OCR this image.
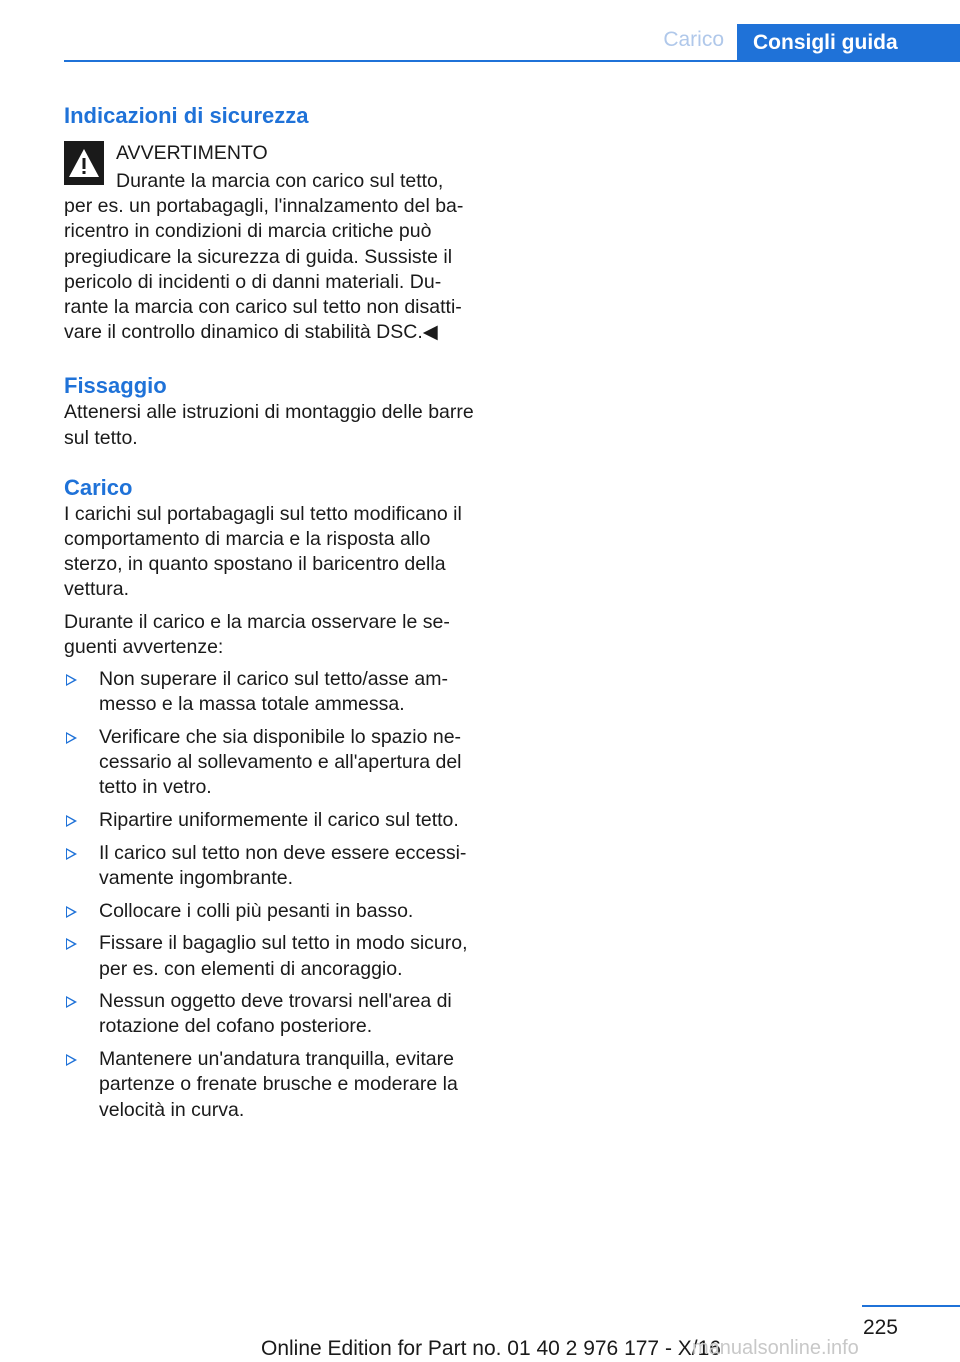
Carico	Consigli guida
Indicazioni di sicurezza

AVVERTIMENTO

Durante la marcia con carico sul tetto,

per es. un portabagagli, l'innalzamento del ba‐ricentro in condizioni di marcia critiche può pregiudicare la sicurezza di guida. Sussiste il pericolo di incidenti o di danni materiali. Du‐rante la marcia con carico sul tetto non disatti‐vare il controllo dinamico di stabilità DSC.◀

Fissaggio

Attenersi alle istruzioni di montaggio delle barre sul tetto.

Carico

I carichi sul portabagagli sul tetto modificano il comportamento di marcia e la risposta allo sterzo, in quanto spostano il baricentro della vettura.

Durante il carico e la marcia osservare le se‐guenti avvertenze:

Non superare il carico sul tetto/asse am‐messo e la massa totale ammessa.
Verificare che sia disponibile lo spazio ne‐cessario al sollevamento e all'apertura del tetto in vetro.
Ripartire uniformemente il carico sul tetto.
Il carico sul tetto non deve essere eccessi‐vamente ingombrante.
Collocare i colli più pesanti in basso.
Fissare il bagaglio sul tetto in modo sicuro, per es. con elementi di ancoraggio.
Nessun oggetto deve trovarsi nell'area di rotazione del cofano posteriore.
Mantenere un'andatura tranquilla, evitare partenze o frenate brusche e moderare la velocità in curva.
225
Online Edition for Part no. 01 40 2 976 177 - X/16
manualsonline.info
